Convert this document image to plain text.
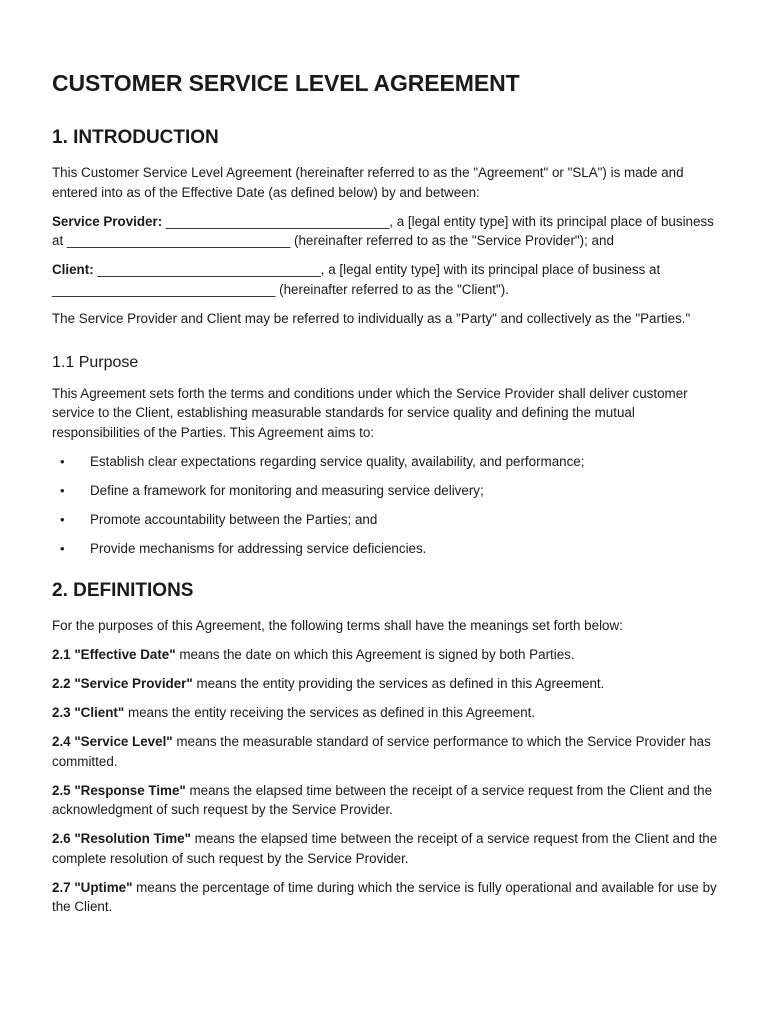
CUSTOMER SERVICE LEVEL AGREEMENT
1. INTRODUCTION

This Customer Service Level Agreement (hereinafter referred to as the "Agreement" or "SLA") is made and entered into as of the Effective Date (as defined below) by and between:

Service Provider: ______________________________, a [legal entity type] with its principal place of business at ______________________________ (hereinafter referred to as the "Service Provider"); and

Client: ______________________________, a [legal entity type] with its principal place of business at ______________________________ (hereinafter referred to as the "Client").

The Service Provider and Client may be referred to individually as a "Party" and collectively as the "Parties."

1.1 Purpose

This Agreement sets forth the terms and conditions under which the Service Provider shall deliver customer service to the Client, establishing measurable standards for service quality and defining the mutual responsibilities of the Parties. This Agreement aims to:

• Establish clear expectations regarding service quality, availability, and performance;
• Define a framework for monitoring and measuring service delivery;
• Promote accountability between the Parties; and
• Provide mechanisms for addressing service deficiencies.
2. DEFINITIONS

For the purposes of this Agreement, the following terms shall have the meanings set forth below:

2.1 "Effective Date" means the date on which this Agreement is signed by both Parties.

2.2 "Service Provider" means the entity providing the services as defined in this Agreement.

2.3 "Client" means the entity receiving the services as defined in this Agreement.

2.4 "Service Level" means the measurable standard of service performance to which the Service Provider has committed.

2.5 "Response Time" means the elapsed time between the receipt of a service request from the Client and the acknowledgment of such request by the Service Provider.

2.6 "Resolution Time" means the elapsed time between the receipt of a service request from the Client and the complete resolution of such request by the Service Provider.

2.7 "Uptime" means the percentage of time during which the service is fully operational and available for use by the Client.
